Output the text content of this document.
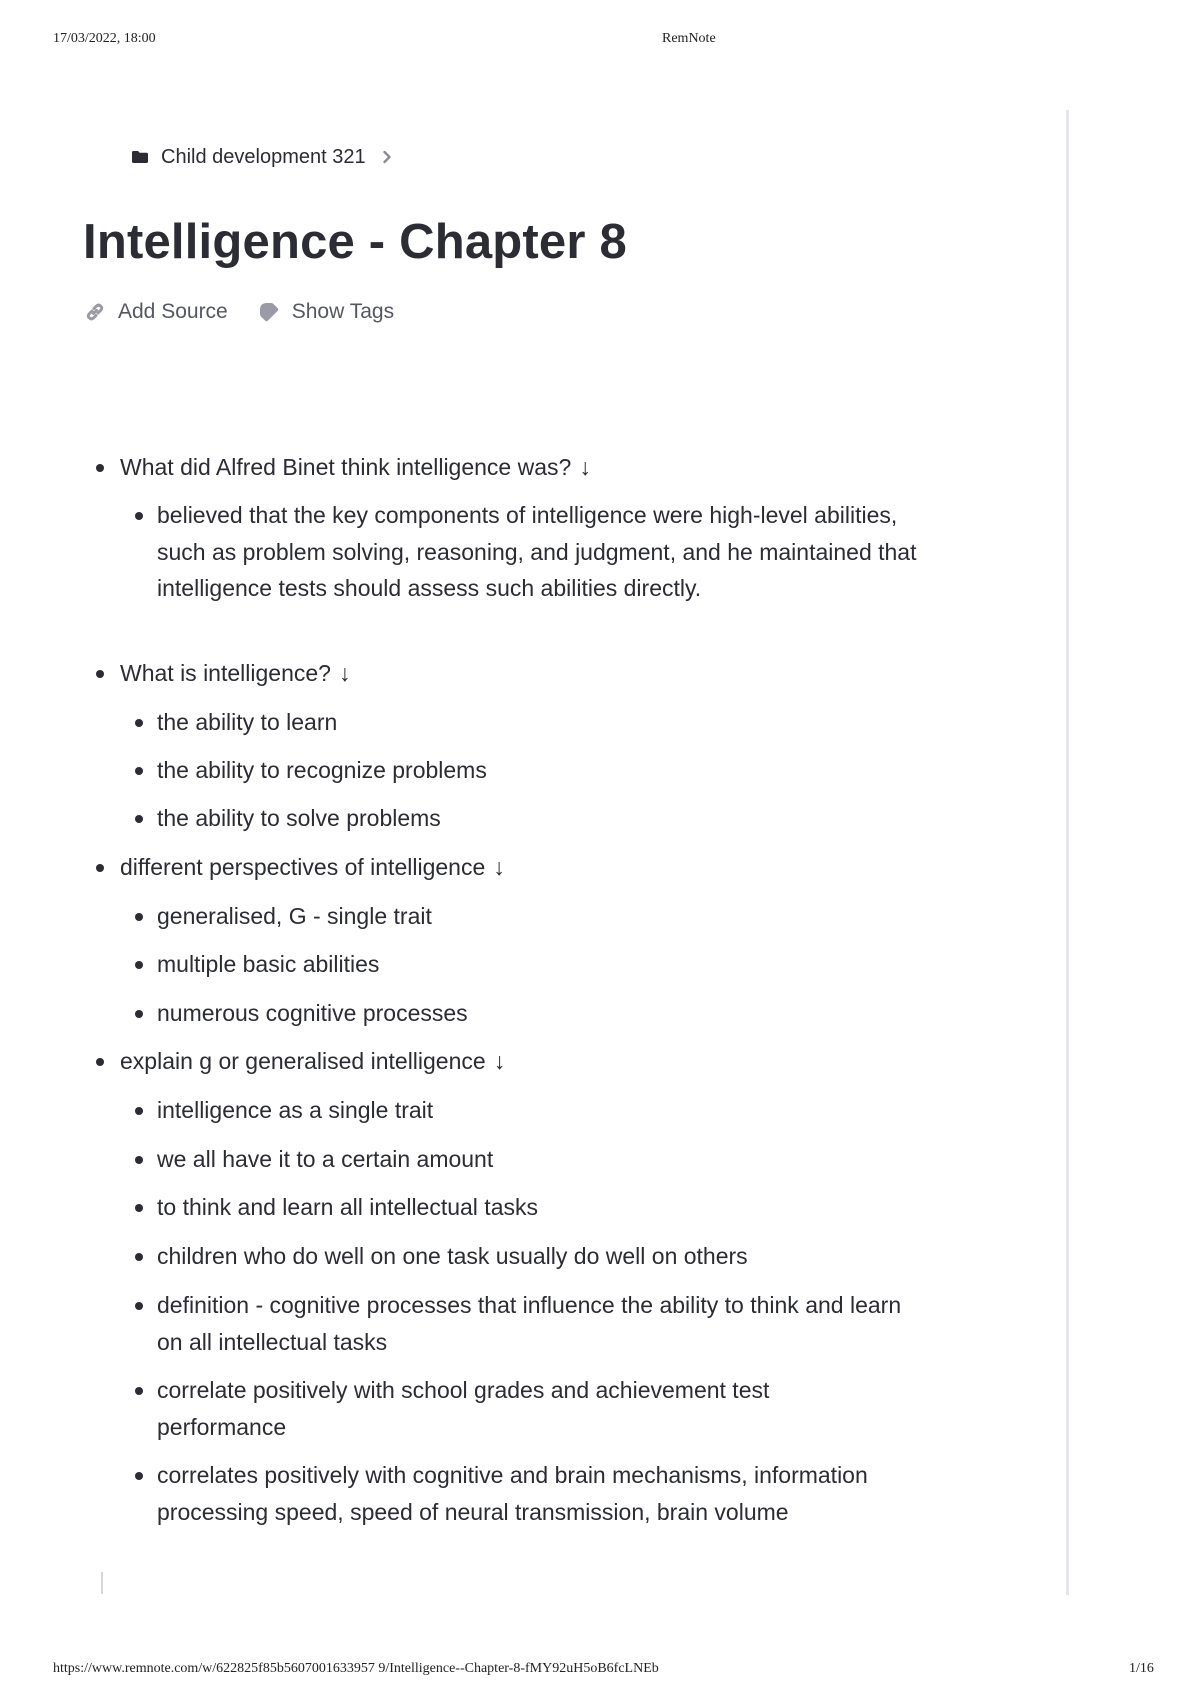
17/03/2022, 18:00	RemNote
Child development 321
Intelligence - Chapter 8
Add Source	Show Tags
What did Alfred Binet think intelligence was? ↓
believed that the key components of intelligence were high-level abilities, such as problem solving, reasoning, and judgment, and he maintained that intelligence tests should assess such abilities directly.
What is intelligence? ↓
the ability to learn
the ability to recognize problems
the ability to solve problems
different perspectives of intelligence ↓
generalised, G - single trait
multiple basic abilities
numerous cognitive processes
explain g or generalised intelligence ↓
intelligence as a single trait
we all have it to a certain amount
to think and learn all intellectual tasks
children who do well on one task usually do well on others
definition - cognitive processes that influence the ability to think and learn on all intellectual tasks
correlate positively with school grades and achievement test performance
correlates positively with cognitive and brain mechanisms, information processing speed, speed of neural transmission, brain volume
https://www.remnote.com/w/622825f85b5607001633957 9/Intelligence--Chapter-8-fMY92uH5oB6fcLNEb	1/16
